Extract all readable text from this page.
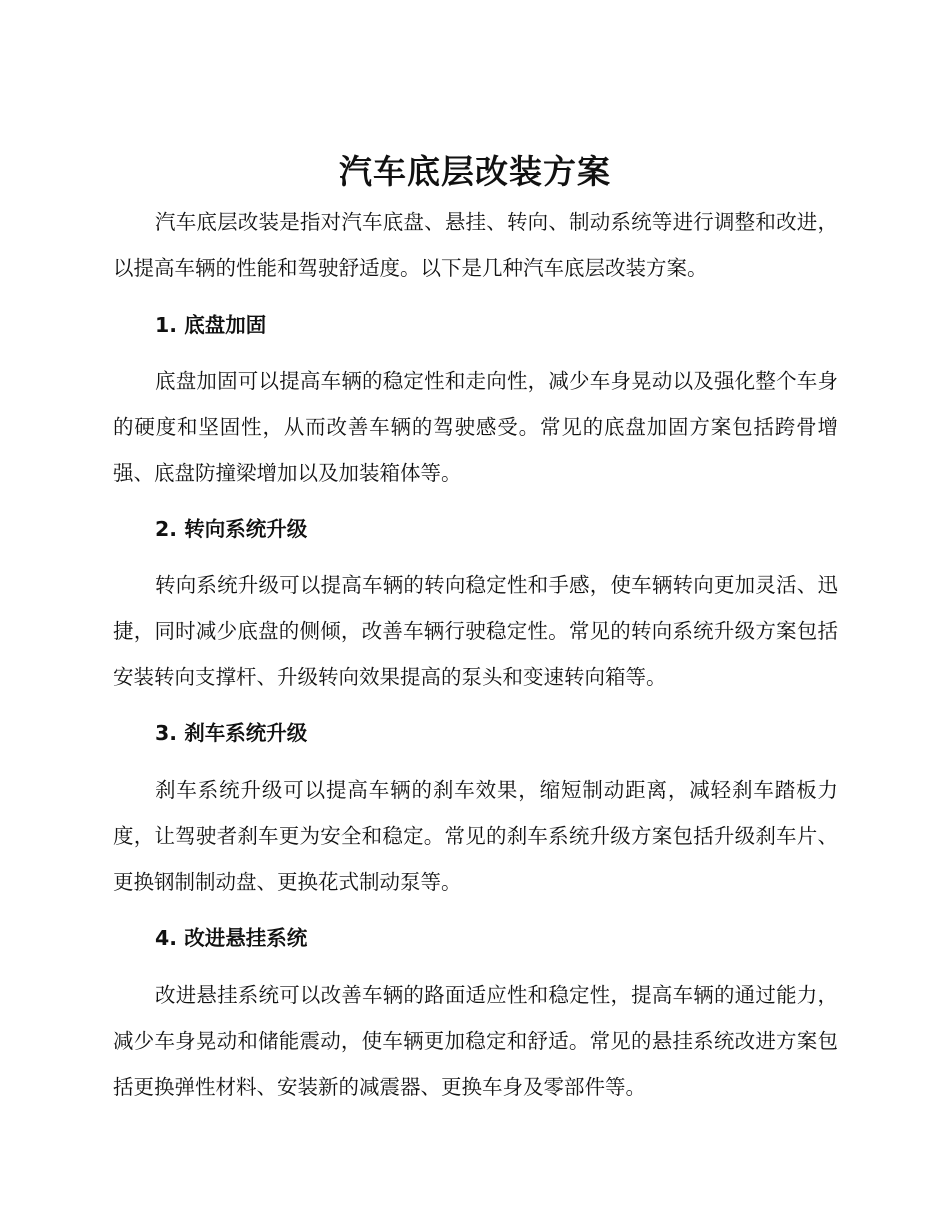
汽车底层改装方案

汽车底层改装是指对汽车底盘、悬挂、转向、制动系统等进行调整和改进，以提高车辆的性能和驾驶舒适度。以下是几种汽车底层改装方案。

1. 底盘加固

底盘加固可以提高车辆的稳定性和走向性，减少车身晃动以及强化整个车身的硬度和坚固性，从而改善车辆的驾驶感受。常见的底盘加固方案包括跨骨增强、底盘防撞梁增加以及加装箱体等。

2. 转向系统升级

转向系统升级可以提高车辆的转向稳定性和手感，使车辆转向更加灵活、迅捷，同时减少底盘的侧倾，改善车辆行驶稳定性。常见的转向系统升级方案包括安装转向支撑杆、升级转向效果提高的泵头和变速转向箱等。

3. 刹车系统升级

刹车系统升级可以提高车辆的刹车效果，缩短制动距离，减轻刹车踏板力度，让驾驶者刹车更为安全和稳定。常见的刹车系统升级方案包括升级刹车片、更换钢制制动盘、更换花式制动泵等。

4. 改进悬挂系统

改进悬挂系统可以改善车辆的路面适应性和稳定性，提高车辆的通过能力，减少车身晃动和储能震动，使车辆更加稳定和舒适。常见的悬挂系统改进方案包括更换弹性材料、安装新的减震器、更换车身及零部件等。
